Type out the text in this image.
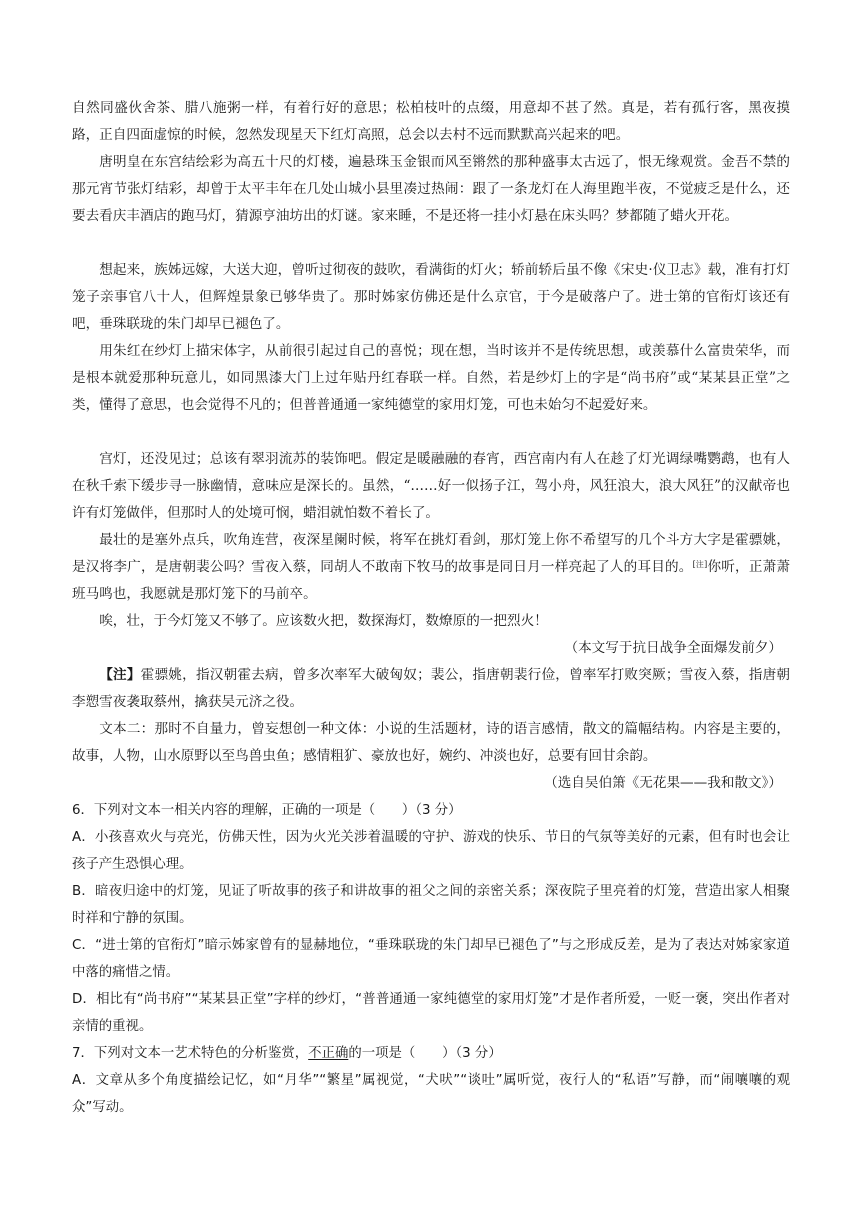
自然同盛伙舍茶、腊八施粥一样，有着行好的意思；松柏枝叶的点缀，用意却不甚了然。真是，若有孤行客，黑夜摸路，正自四面虚惊的时候，忽然发现星天下红灯高照，总会以去村不远而默默高兴起来的吧。

唐明皇在东宫结绘彩为高五十尺的灯楼，遍悬珠玉金银而风至锵然的那种盛事太古远了，恨无缘观赏。金吾不禁的那元宵节张灯结彩，却曾于太平丰年在几处山城小县里凑过热闹：跟了一条龙灯在人海里跑半夜，不觉疲乏是什么，还要去看庆丰酒店的跑马灯，猜源亨油坊出的灯谜。家来睡，不是还将一挂小灯悬在床头吗？梦都随了蜡火开花。

想起来，族姊远嫁，大送大迎，曾听过彻夜的鼓吹，看满街的灯火；轿前轿后虽不像《宋史·仪卫志》载，准有打灯笼子亲事官八十人，但辉煌景象已够华贵了。那时姊家仿佛还是什么京官，于今是破落户了。进士第的官衔灯该还有吧，垂珠联珑的朱门却早已褪色了。

用朱红在纱灯上描宋体字，从前很引起过自己的喜悦；现在想，当时该并不是传统思想，或羡慕什么富贵荣华，而是根本就爱那种玩意儿，如同黑漆大门上过年贴丹红春联一样。自然，若是纱灯上的字是“尚书府”或“某某县正堂”之类，懂得了意思，也会觉得不凡的；但普普通通一家纯德堂的家用灯笼，可也未始匀不起爱好来。

宫灯，还没见过；总该有翠羽流苏的装饰吧。假定是暖融融的春宵，西宫南内有人在趁了灯光调绿嘴鹦鹉，也有人在秋千索下缓步寻一脉幽情，意味应是深长的。虽然，“……好一似扬子江，驾小舟，风狂浪大，浪大风狂”的汉献帝也许有灯笼做伴，但那时人的处境可悯，蜡泪就怕数不着长了。

最壮的是塞外点兵，吹角连营，夜深星阑时候，将军在挑灯看剑，那灯笼上你不希望写的几个斗方大字是霍骠姚，是汉将李广，是唐朝裴公吗？雪夜入蔡，同胡人不敢南下牧马的故事是同日月一样亮起了人的耳目的。[注]你听，正萧萧班马鸣也，我愿就是那灯笼下的马前卒。

唉，壮，于今灯笼又不够了。应该数火把，数探海灯，数燎原的一把烈火！

（本文写于抗日战争全面爆发前夕）

【注】霍骠姚，指汉朝霍去病，曾多次率军大破匈奴；裴公，指唐朝裴行俭，曾率军打败突厥；雪夜入蔡，指唐朝李愬雪夜袭取蔡州，擒获吴元济之役。

文本二：那时不自量力，曾妄想创一种文体：小说的生活题材，诗的语言感情，散文的篇幅结构。内容是主要的，故事，人物，山水原野以至鸟兽虫鱼；感情粗犷、豪放也好，婉约、冲淡也好，总要有回甘余韵。

（选自吴伯箫《无花果——我和散文》）

6．下列对文本一相关内容的理解，正确的一项是（　　）（3 分）

A．小孩喜欢火与亮光，仿佛天性，因为火光关涉着温暖的守护、游戏的快乐、节日的气氛等美好的元素，但有时也会让孩子产生恐惧心理。

B．暗夜归途中的灯笼，见证了听故事的孩子和讲故事的祖父之间的亲密关系；深夜院子里亮着的灯笼，营造出家人相聚时祥和宁静的氛围。

C．“进士第的官衔灯”暗示姊家曾有的显赫地位，“垂珠联珑的朱门却早已褪色了”与之形成反差，是为了表达对姊家家道中落的痛惜之情。

D．相比有“尚书府”“某某县正堂”字样的纱灯，“普普通通一家纯德堂的家用灯笼”才是作者所爱，一贬一褒，突出作者对亲情的重视。

7．下列对文本一艺术特色的分析鉴赏，不正确的一项是（　　）（3 分）

A．文章从多个角度描绘记忆，如“月华”“繁星”属视觉，“犬吠”“谈吐”属听觉，夜行人的“私语”写静，而“闹嚷嚷的观众”写动。
